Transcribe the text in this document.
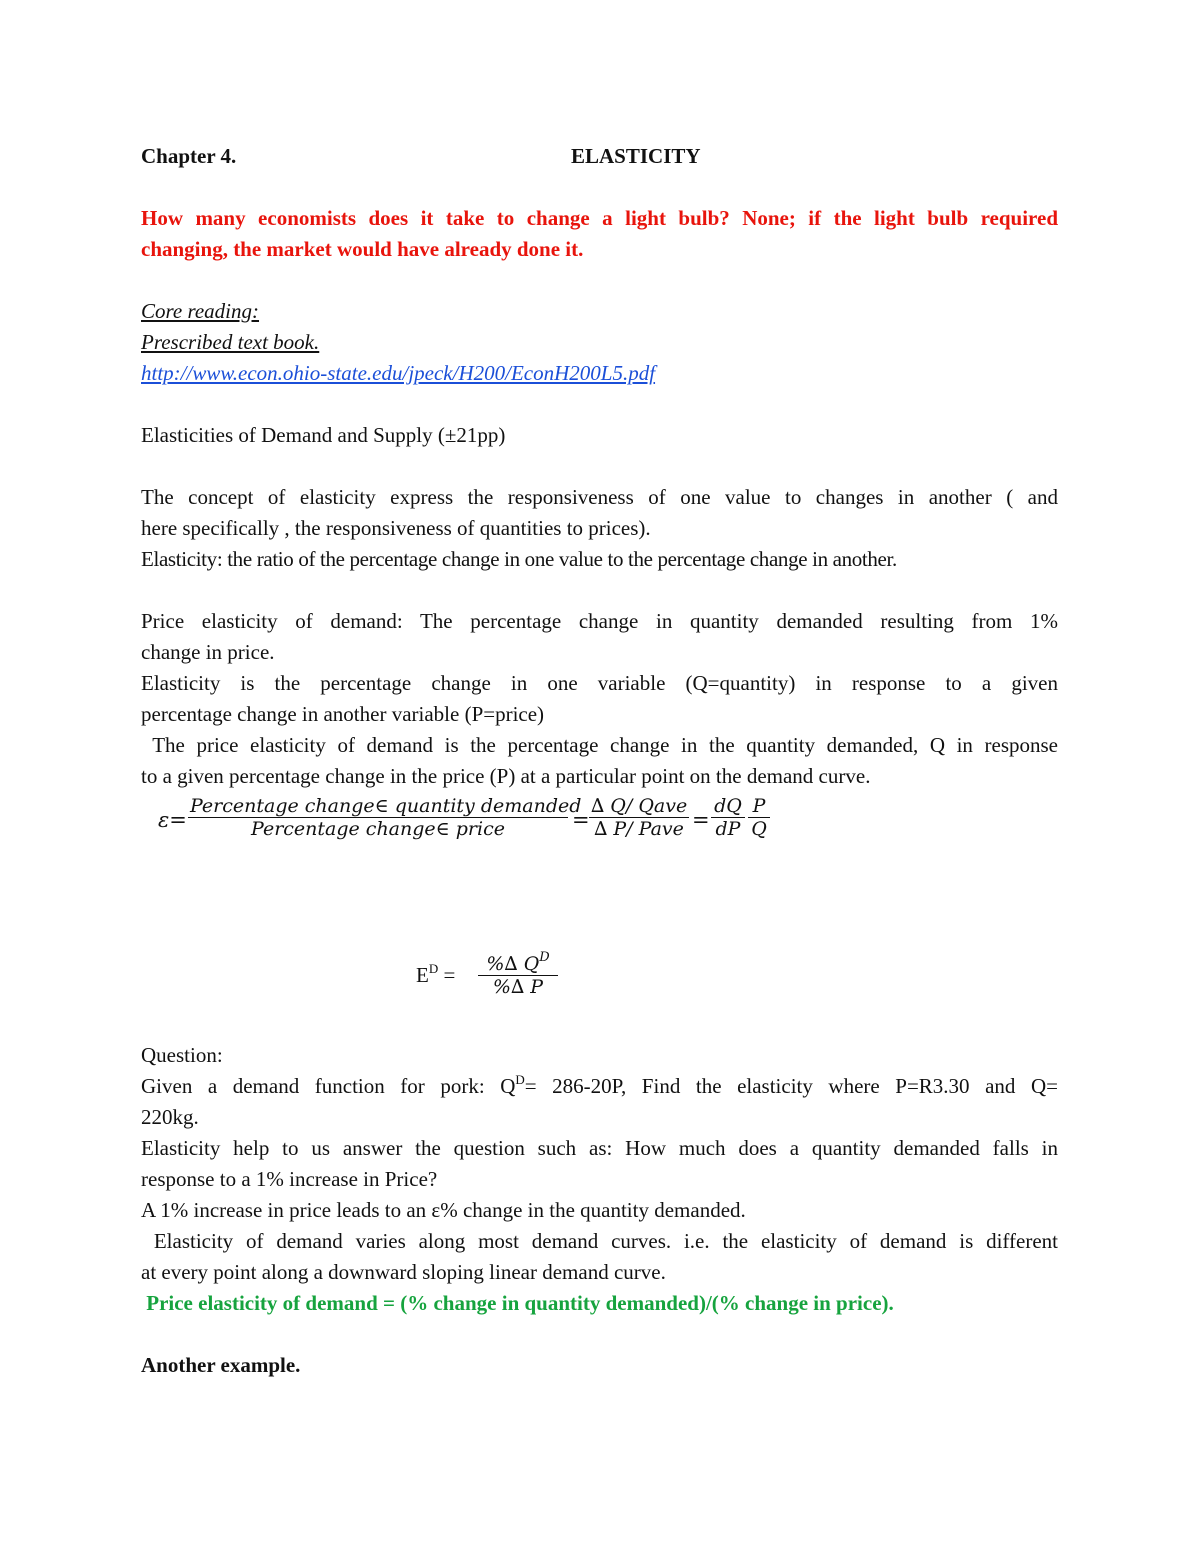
Chapter 4.	ELASTICITY
How many economists does it take to change a light bulb? None; if the light bulb required
changing, the market would have already done it.
Core reading:
Prescribed text book.
http://www.econ.ohio-state.edu/jpeck/H200/EconH200L5.pdf
Elasticities of Demand and Supply (±21pp)
The concept of elasticity express the responsiveness of one value to changes in another ( and
here specifically , the responsiveness of quantities to prices).
Elasticity: the ratio of the percentage change in one value to the percentage change in another.
Price elasticity of demand: The percentage change in quantity demanded resulting from 1%
change in price.
Elasticity is the percentage change in one variable (Q=quantity) in response to a given
percentage change in another variable (P=price)
The price elasticity of demand is the percentage change in the quantity demanded, Q in response
to a given percentage change in the price (P) at a particular point on the demand curve.
ε=
Percentage change∈ quantity demanded
Percentage change∈ price	=
∆ Q/ Qave
∆ P/ Pave = $\frac{dQ}{dP} \frac{P}{Q}$
$E^D = \frac{\%\Delta Q^D}{\%\Delta P}$
Question:
Given a demand function for pork: $Q^D= 286-20P$, Find the elasticity where P=R3.30 and Q=
220kg.
Elasticity help to us answer the question such as: How much does a quantity demanded falls in
response to a 1% increase in Price?
A 1% increase in price leads to an ε% change in the quantity demanded.
Elasticity of demand varies along most demand curves. i.e. the elasticity of demand is different
at every point along a downward sloping linear demand curve.
Price elasticity of demand = (% change in quantity demanded)/(% change in price).
Another example.
